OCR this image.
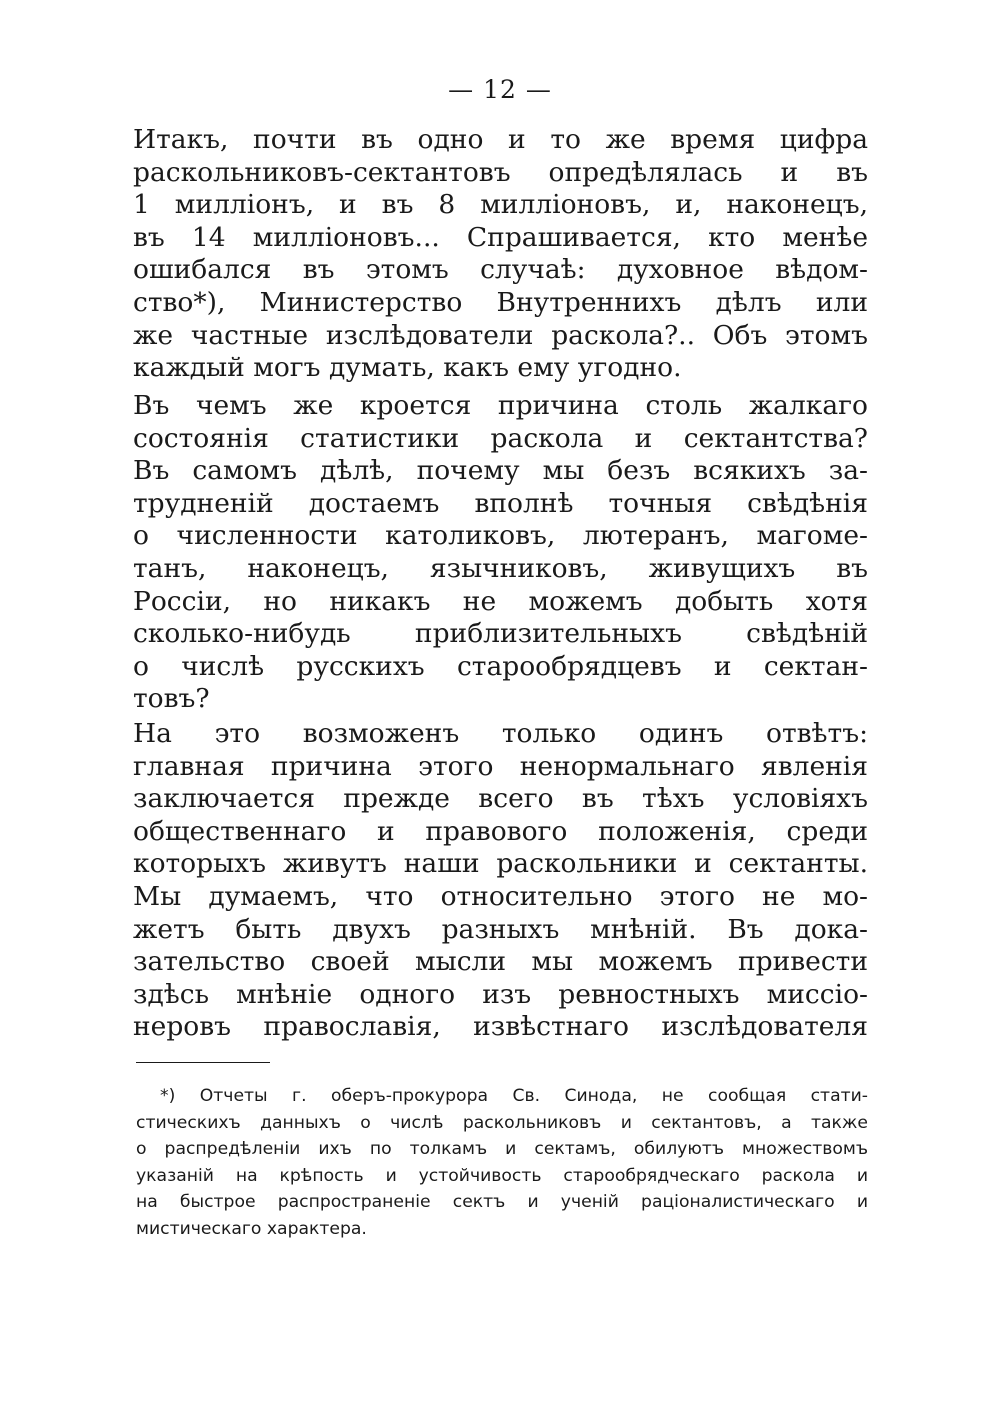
— 12 —
Итакъ, почти въ одно и то же время цифра
раскольниковъ-сектантовъ опредѣлялась и въ
1 милліонъ, и въ 8 милліоновъ, и, наконецъ,
въ 14 милліоновъ... Спрашивается, кто менѣе
ошибался въ этомъ случаѣ: духовное вѣдом-
ство*), Министерство Внутреннихъ дѣлъ или
же частные изслѣдователи раскола?.. Объ этомъ
каждый могъ думать, какъ ему угодно.
Въ чемъ же кроется причина столь жалкаго
состоянія статистики раскола и сектантства?
Въ самомъ дѣлѣ, почему мы безъ всякихъ за-
трудненій достаемъ вполнѣ точныя свѣдѣнія
о численности католиковъ, лютеранъ, магоме-
танъ, наконецъ, язычниковъ, живущихъ въ
Россіи, но никакъ не можемъ добыть хотя
сколько-нибудь приблизительныхъ свѣдѣній
о числѣ русскихъ старообрядцевъ и сектан-
товъ?
На это возможенъ только одинъ отвѣтъ:
главная причина этого ненормальнаго явленія
заключается прежде всего въ тѣхъ условіяхъ
общественнаго и правового положенія, среди
которыхъ живутъ наши раскольники и сектанты.
Мы думаемъ, что относительно этого не мо-
жетъ быть двухъ разныхъ мнѣній. Въ дока-
зательство своей мысли мы можемъ привести
здѣсь мнѣніе одного изъ ревностныхъ миссіо-
неровъ православія, извѣстнаго изслѣдователя
*) Отчеты г. оберъ-прокурора Св. Синода, не сообщая стати-
стическихъ данныхъ о числѣ раскольниковъ и сектантовъ, а также
о распредѣленіи ихъ по толкамъ и сектамъ, обилуютъ множествомъ
указаній на крѣпость и устойчивость старообрядческаго раскола и
на быстрое распространеніе сектъ и ученій раціоналистическаго и
мистическаго характера.
